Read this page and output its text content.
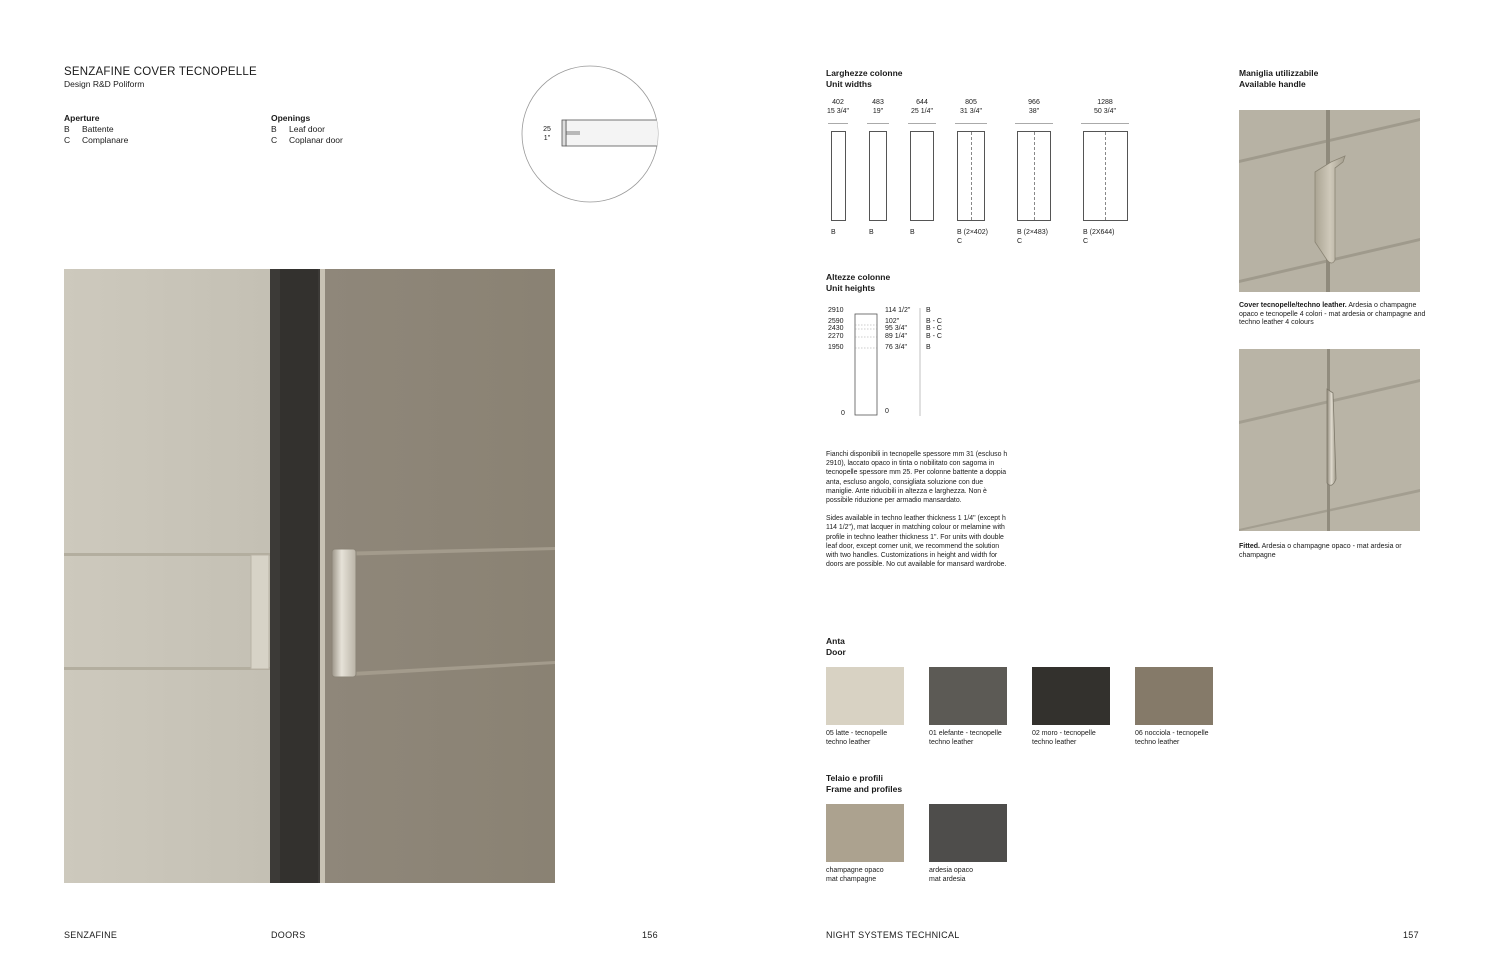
SENZAFINE COVER TECNOPELLE
Design R&D Poliform
Aperture
B Battente
C Complanare
Openings
B Leaf door
C Coplanar door
25
1"
SENZAFINE	DOORS	156
Larghezze colonne
Unit widths
402
15 3/4"
B
483
19"
B
644
25 1/4"
B
805
31 3/4"
B (2×402)
C
966
38"
B (2×483)
C
1288
50 3/4"
B (2X644)
C
Altezze colonne
Unit heights
2910	114 1/2" B
2590	102"	B - C
2430	95 3/4"	B - C
2270	89 1/4"	B - C
1950	76 3/4"	B
0	0
Fianchi disponibili in tecnopelle spessore mm 31 (escluso h 2910), laccato opaco in tinta o nobilitato con sagoma in tecnopelle spessore mm 25. Per colonne battente a doppia anta, escluso angolo, consigliata soluzione con due maniglie. Ante riducibili in altezza e larghezza. Non è possibile riduzione per armadio mansardato.
Sides available in techno leather thickness 1 1/4" (except h 114 1/2"), mat lacquer in matching colour or melamine with profile in techno leather thickness 1". For units with double leaf door, except corner unit, we recommend the solution with two handles. Customizations in height and width for doors are possible. No cut available for mansard wardrobe.
Anta
Door
05 latte - tecnopelle
techno leather
01 elefante - tecnopelle
techno leather
02 moro - tecnopelle
techno leather
06 nocciola - tecnopelle
techno leather
Telaio e profili
Frame and profiles
champagne opaco
mat champagne
ardesia opaco
mat ardesia
Maniglia utilizzabile
Available handle
Cover tecnopelle/techno leather. Ardesia o champagne opaco e tecnopelle 4 colori - mat ardesia or champagne and techno leather 4 colours
Fitted. Ardesia o champagne opaco - mat ardesia or champagne
NIGHT SYSTEMS TECHNICAL	157
